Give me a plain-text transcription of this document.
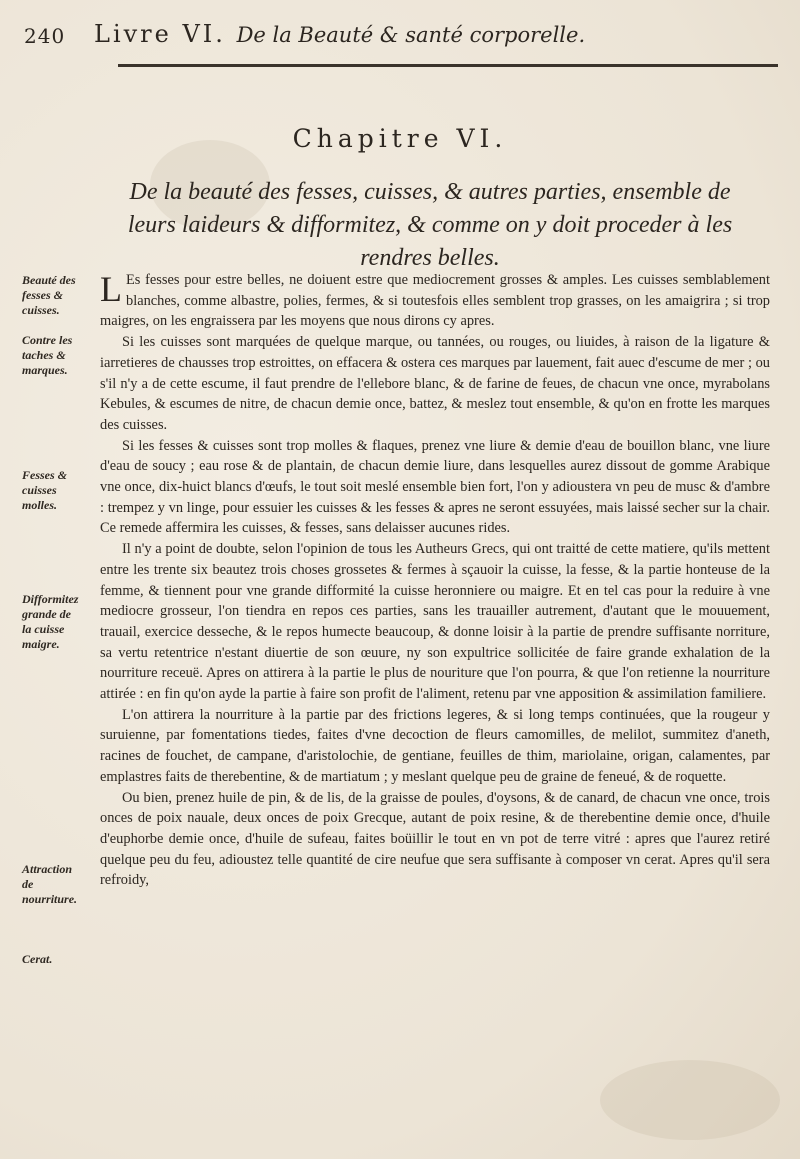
240 Livre VI. De la Beauté & santé corporelle.
Chapitre VI.
De la beauté des fesses, cuisses, & autres parties, ensemble de leurs laideurs & difformitez, & comme on y doit proceder à les rendres belles.
Beauté des fesses & cuisses.
Contre les taches & marques.
Fesses & cuisses molles.
Difformitez grande de la cuisse maigre.
Attraction de nourriture.
Cerat.

L Es fesses pour estre belles, ne doiuent estre que mediocrement grosses & amples. Les cuisses semblablement blanches, comme albastre, polies, fermes, & si toutesfois elles semblent trop grasses, on les amaigrira ; si trop maigres, on les engraissera par les moyens que nous dirons cy apres.

Si les cuisses sont marquées de quelque marque, ou tannées, ou rouges, ou liuides, à raison de la ligature & iarretieres de chausses trop estroittes, on effacera & ostera ces marques par lauement, fait auec d'escume de mer ; ou s'il n'y a de cette escume, il faut prendre de l'ellebore blanc, & de farine de feues, de chacun vne once, myrabolans Kebules, & escumes de nitre, de chacun demie once, battez, & meslez tout ensemble, & qu'on en frotte les marques des cuisses.

Si les fesses & cuisses sont trop molles & flaques, prenez vne liure & demie d'eau de bouillon blanc, vne liure d'eau de soucy ; eau rose & de plantain, de chacun demie liure, dans lesquelles aurez dissout de gomme Arabique vne once, dix-huict blancs d'œufs, le tout soit meslé ensemble bien fort, l'on y adioustera vn peu de musc & d'ambre : trempez y vn linge, pour essuier les cuisses & les fesses & apres ne seront essuyées, mais laissé secher sur la chair. Ce remede affermira les cuisses, & fesses, sans delaisser aucunes rides.

Il n'y a point de doubte, selon l'opinion de tous les Autheurs Grecs, qui ont traitté de cette matiere, qu'ils mettent entre les trente six beautez trois choses grossetes & fermes à sçauoir la cuisse, la fesse, & la partie honteuse de la femme, & tiennent pour vne grande difformité la cuisse heronniere ou maigre. Et en tel cas pour la reduire à vne mediocre grosseur, l'on tiendra en repos ces parties, sans les trauailler autrement, d'autant que le mouuement, trauail, exercice desseche, & le repos humecte beaucoup, & donne loisir à la partie de prendre suffisante norriture, sa vertu retentrice n'estant diuertie de son œuure, ny son expultrice sollicitée de faire grande exhalation de la nourriture receuë. Apres on attirera à la partie le plus de nouriture que l'on pourra, & que l'on retienne la nourriture attirée : en fin qu'on ayde la partie à faire son profit de l'aliment, retenu par vne apposition & assimilation familiere.

L'on attirera la nourriture à la partie par des frictions legeres, & si long temps continuées, que la rougeur y suruienne, par fomentations tiedes, faites d'vne decoction de fleurs camomilles, de melilot, summitez d'aneth, racines de fouchet, de campane, d'aristolochie, de gentiane, feuilles de thim, mariolaine, origan, calamentes, par emplastres faits de therebentine, & de martiatum ; y meslant quelque peu de graine de feneué, & de roquette.

Ou bien, prenez huile de pin, & de lis, de la graisse de poules, d'oysons, & de canard, de chacun vne once, trois onces de poix nauale, deux onces de poix Grecque, autant de poix resine, & de therebentine demie once, d'huile d'euphorbe demie once, d'huile de sufeau, faites boüillir le tout en vn pot de terre vitré : apres que l'aurez retiré quelque peu du feu, adioustez telle quantité de cire neufue que sera suffisante à composer vn cerat. Apres qu'il sera refroidy,
